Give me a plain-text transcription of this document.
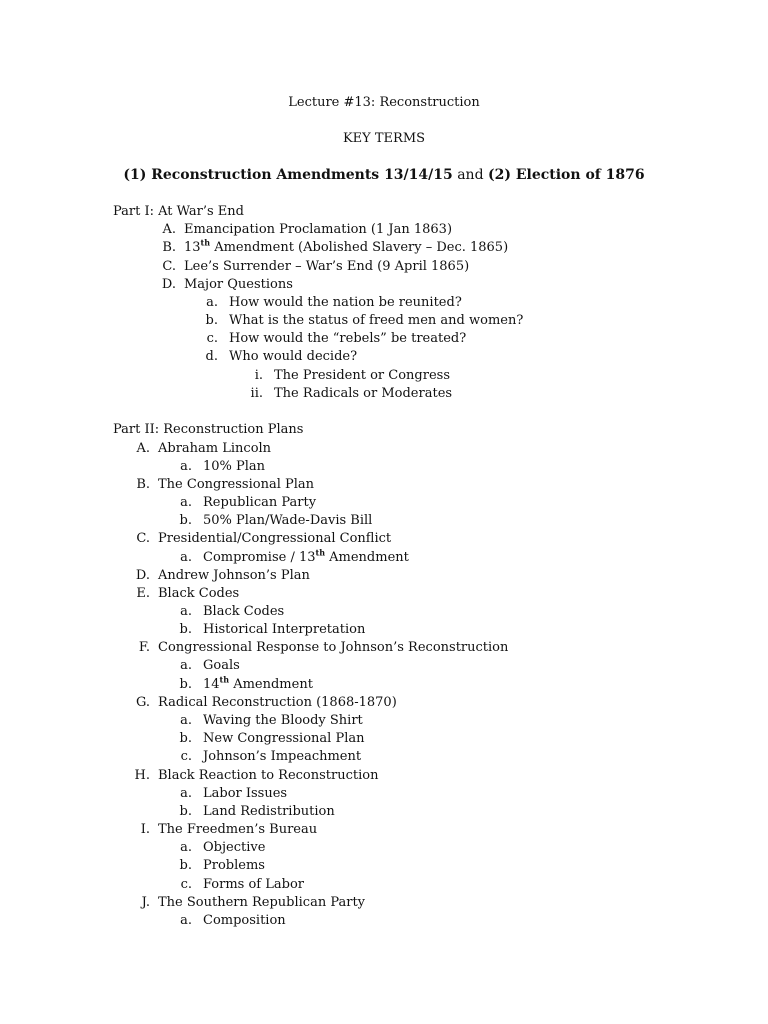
Lecture #13: Reconstruction
KEY TERMS
(1) Reconstruction Amendments 13/14/15 and (2) Election of 1876
Part I: At War’s End
A. Emancipation Proclamation (1 Jan 1863)
B. 13th Amendment (Abolished Slavery – Dec. 1865)
C. Lee’s Surrender – War’s End (9 April 1865)
D. Major Questions
a. How would the nation be reunited?
b. What is the status of freed men and women?
c. How would the “rebels” be treated?
d. Who would decide?
i. The President or Congress
ii. The Radicals or Moderates
Part II: Reconstruction Plans
A. Abraham Lincoln
a. 10% Plan
B. The Congressional Plan
a. Republican Party
b. 50% Plan/Wade-Davis Bill
C. Presidential/Congressional Conflict
a. Compromise / 13th Amendment
D. Andrew Johnson’s Plan
E. Black Codes
a. Black Codes
b. Historical Interpretation
F. Congressional Response to Johnson’s Reconstruction
a. Goals
b. 14th Amendment
G. Radical Reconstruction (1868-1870)
a. Waving the Bloody Shirt
b. New Congressional Plan
c. Johnson’s Impeachment
H. Black Reaction to Reconstruction
a. Labor Issues
b. Land Redistribution
I. The Freedmen’s Bureau
a. Objective
b. Problems
c. Forms of Labor
J. The Southern Republican Party
a. Composition
